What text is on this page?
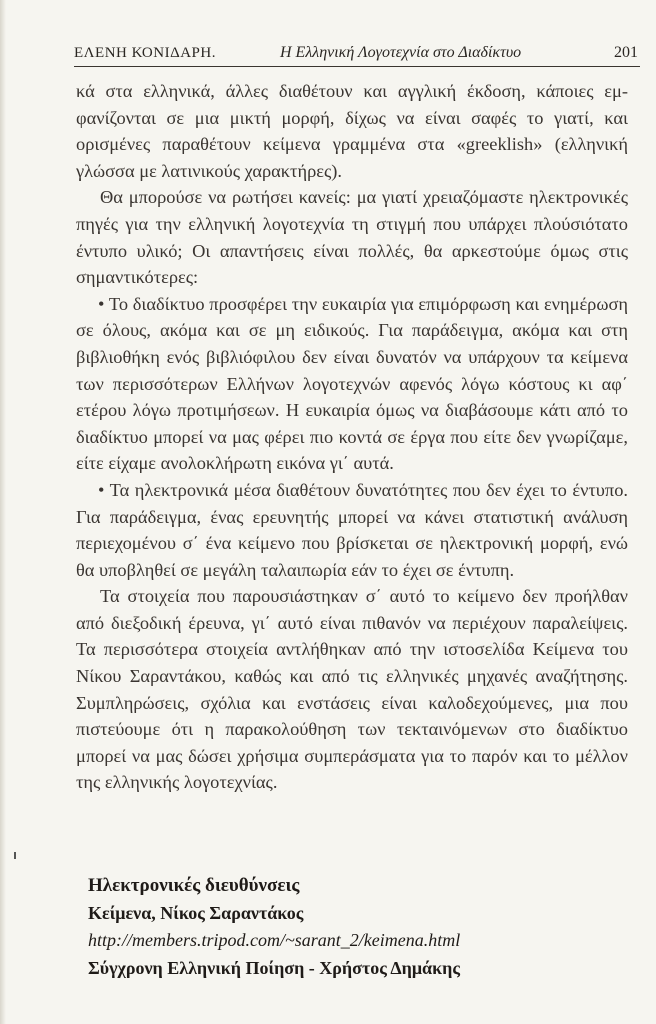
ΕΛΕΝΗ ΚΟΝΙΔΑΡΗ.	Η Ελληνική Λογοτεχνία στο Διαδίκτυο	201

κά στα ελληνικά, άλλες διαθέτουν και αγγλική έκδοση, κάποιες εμφανίζονται σε μια μικτή μορφή, δίχως να είναι σαφές το γιατί, και ορισμένες παραθέτουν κείμενα γραμμένα στα «greeklish» (ελληνική γλώσσα με λατινικούς χαρακτήρες).

Θα μπορούσε να ρωτήσει κανείς: μα γιατί χρειαζόμαστε ηλεκτρονικές πηγές για την ελληνική λογοτεχνία τη στιγμή που υπάρχει πλούσιότατο έντυπο υλικό; Οι απαντήσεις είναι πολλές, θα αρκεστούμε όμως στις σημαντικότερες:

• Το διαδίκτυο προσφέρει την ευκαιρία για επιμόρφωση και ενημέρωση σε όλους, ακόμα και σε μη ειδικούς. Για παράδειγμα, ακόμα και στη βιβλιοθήκη ενός βιβλιόφιλου δεν είναι δυνατόν να υπάρχουν τα κείμενα των περισσότερων Ελλήνων λογοτεχνών αφενός λόγω κόστους κι αφ΄ ετέρου λόγω προτιμήσεων. Η ευκαιρία όμως να διαβάσουμε κάτι από το διαδίκτυο μπορεί να μας φέρει πιο κοντά σε έργα που είτε δεν γνωρίζαμε, είτε είχαμε ανολοκλήρωτη εικόνα γι΄ αυτά.

• Τα ηλεκτρονικά μέσα διαθέτουν δυνατότητες που δεν έχει το έντυπο. Για παράδειγμα, ένας ερευνητής μπορεί να κάνει στατιστική ανάλυση περιεχομένου σ΄ ένα κείμενο που βρίσκεται σε ηλεκτρονική μορφή, ενώ θα υποβληθεί σε μεγάλη ταλαιπωρία εάν το έχει σε έντυπη.

Τα στοιχεία που παρουσιάστηκαν σ΄ αυτό το κείμενο δεν προήλθαν από διεξοδική έρευνα, γι΄ αυτό είναι πιθανόν να περιέχουν παραλείψεις. Τα περισσότερα στοιχεία αντλήθηκαν από την ιστοσελίδα Κείμενα του Νίκου Σαραντάκου, καθώς και από τις ελληνικές μηχανές αναζήτησης. Συμπληρώσεις, σχόλια και ενστάσεις είναι καλοδεχούμενες, μια που πιστεύουμε ότι η παρακολούθηση των τεκταινόμενων στο διαδίκτυο μπορεί να μας δώσει χρήσιμα συμπεράσματα για το παρόν και το μέλλον της ελληνικής λογοτεχνίας.

Ηλεκτρονικές διευθύνσεις
Κείμενα, Νίκος Σαραντάκος
http://members.tripod.com/~sarant_2/keimena.html
Σύγχρονη Ελληνική Ποίηση - Χρήστος Δημάκης
